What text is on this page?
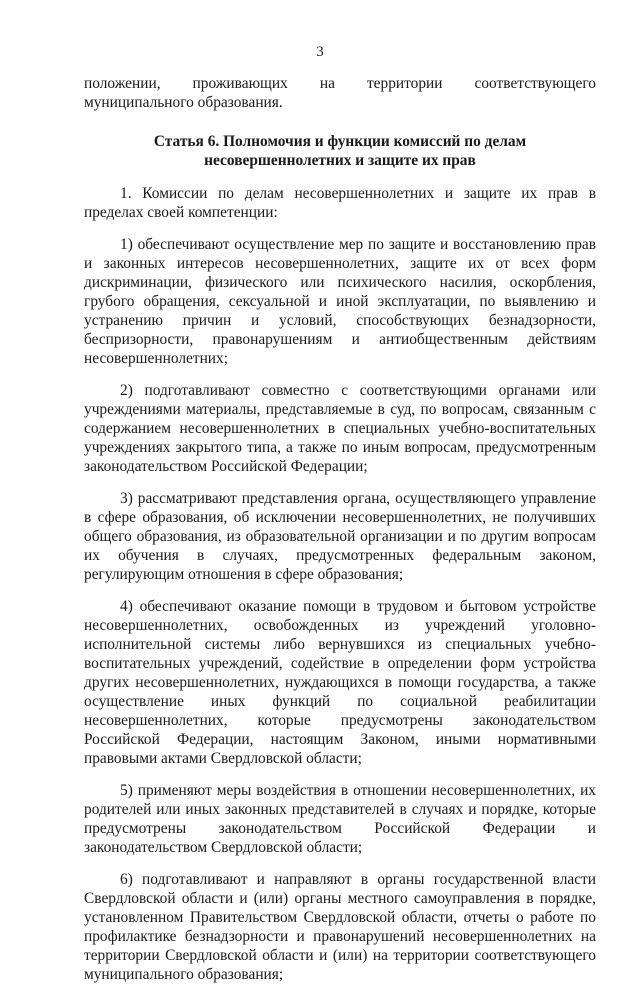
3

положении, проживающих на территории соответствующего муниципального образования.

Статья 6. Полномочия и функции комиссий по делам
несовершеннолетних и защите их прав

1. Комиссии по делам несовершеннолетних и защите их прав в пределах своей компетенции:

1) обеспечивают осуществление мер по защите и восстановлению прав и законных интересов несовершеннолетних, защите их от всех форм дискриминации, физического или психического насилия, оскорбления, грубого обращения, сексуальной и иной эксплуатации, по выявлению и устранению причин и условий, способствующих безнадзорности, беспризорности, правонарушениям и антиобщественным действиям несовершеннолетних;

2) подготавливают совместно с соответствующими органами или учреждениями материалы, представляемые в суд, по вопросам, связанным с содержанием несовершеннолетних в специальных учебно-воспитательных учреждениях закрытого типа, а также по иным вопросам, предусмотренным законодательством Российской Федерации;

3) рассматривают представления органа, осуществляющего управление в сфере образования, об исключении несовершеннолетних, не получивших общего образования, из образовательной организации и по другим вопросам их обучения в случаях, предусмотренных федеральным законом, регулирующим отношения в сфере образования;

4) обеспечивают оказание помощи в трудовом и бытовом устройстве несовершеннолетних, освобожденных из учреждений уголовно-исполнительной системы либо вернувшихся из специальных учебно-воспитательных учреждений, содействие в определении форм устройства других несовершеннолетних, нуждающихся в помощи государства, а также осуществление иных функций по социальной реабилитации несовершеннолетних, которые предусмотрены законодательством Российской Федерации, настоящим Законом, иными нормативными правовыми актами Свердловской области;

5) применяют меры воздействия в отношении несовершеннолетних, их родителей или иных законных представителей в случаях и порядке, которые предусмотрены законодательством Российской Федерации и законодательством Свердловской области;

6) подготавливают и направляют в органы государственной власти Свердловской области и (или) органы местного самоуправления в порядке, установленном Правительством Свердловской области, отчеты о работе по профилактике безнадзорности и правонарушений несовершеннолетних на территории Свердловской области и (или) на территории соответствующего муниципального образования;
